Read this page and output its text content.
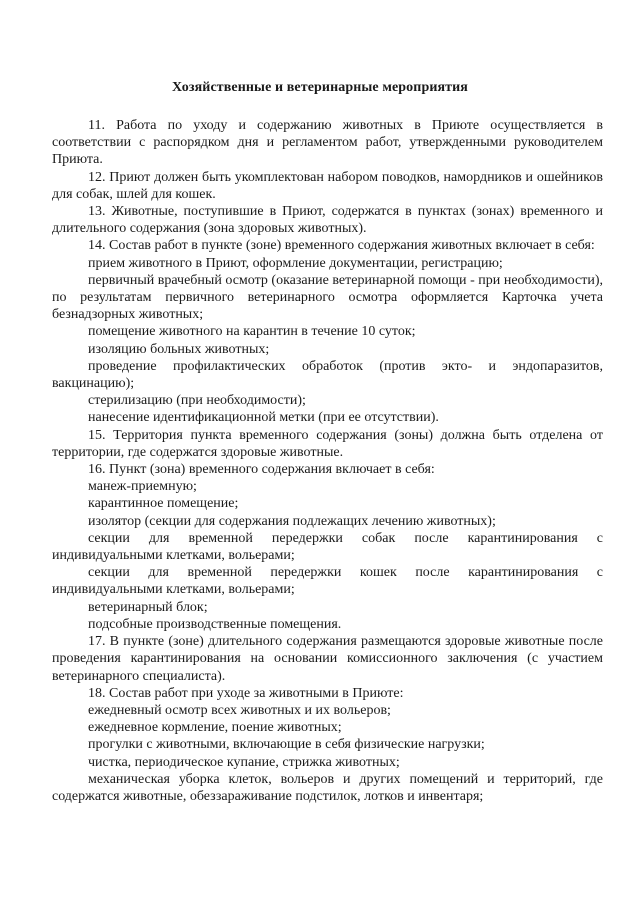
Хозяйственные и ветеринарные мероприятия

11. Работа по уходу и содержанию животных в Приюте осуществляется в соответствии с распорядком дня и регламентом работ, утвержденными руководителем Приюта.

12. Приют должен быть укомплектован набором поводков, намордников и ошейников для собак, шлей для кошек.

13. Животные, поступившие в Приют, содержатся в пунктах (зонах) временного и длительного содержания (зона здоровых животных).

14. Состав работ в пункте (зоне) временного содержания животных включает в себя:

прием животного в Приют, оформление документации, регистрацию;

первичный врачебный осмотр (оказание ветеринарной помощи - при необходимости), по результатам первичного ветеринарного осмотра оформляется Карточка учета безнадзорных животных;

помещение животного на карантин в течение 10 суток;

изоляцию больных животных;

проведение профилактических обработок (против экто- и эндопаразитов, вакцинацию);

стерилизацию (при необходимости);

нанесение идентификационной метки (при ее отсутствии).

15. Территория пункта временного содержания (зоны) должна быть отделена от территории, где содержатся здоровые животные.

16. Пункт (зона) временного содержания включает в себя:

манеж-приемную;

карантинное помещение;

изолятор (секции для содержания подлежащих лечению животных);

секции для временной передержки собак после карантинирования с индивидуальными клетками, вольерами;

секции для временной передержки кошек после карантинирования с индивидуальными клетками, вольерами;

ветеринарный блок;

подсобные производственные помещения.

17. В пункте (зоне) длительного содержания размещаются здоровые животные после проведения карантинирования на основании комиссионного заключения (с участием ветеринарного специалиста).

18. Состав работ при уходе за животными в Приюте:

ежедневный осмотр всех животных и их вольеров;

ежедневное кормление, поение животных;

прогулки с животными, включающие в себя физические нагрузки;

чистка, периодическое купание, стрижка животных;

механическая уборка клеток, вольеров и других помещений и территорий, где содержатся животные, обеззараживание подстилок, лотков и инвентаря;
